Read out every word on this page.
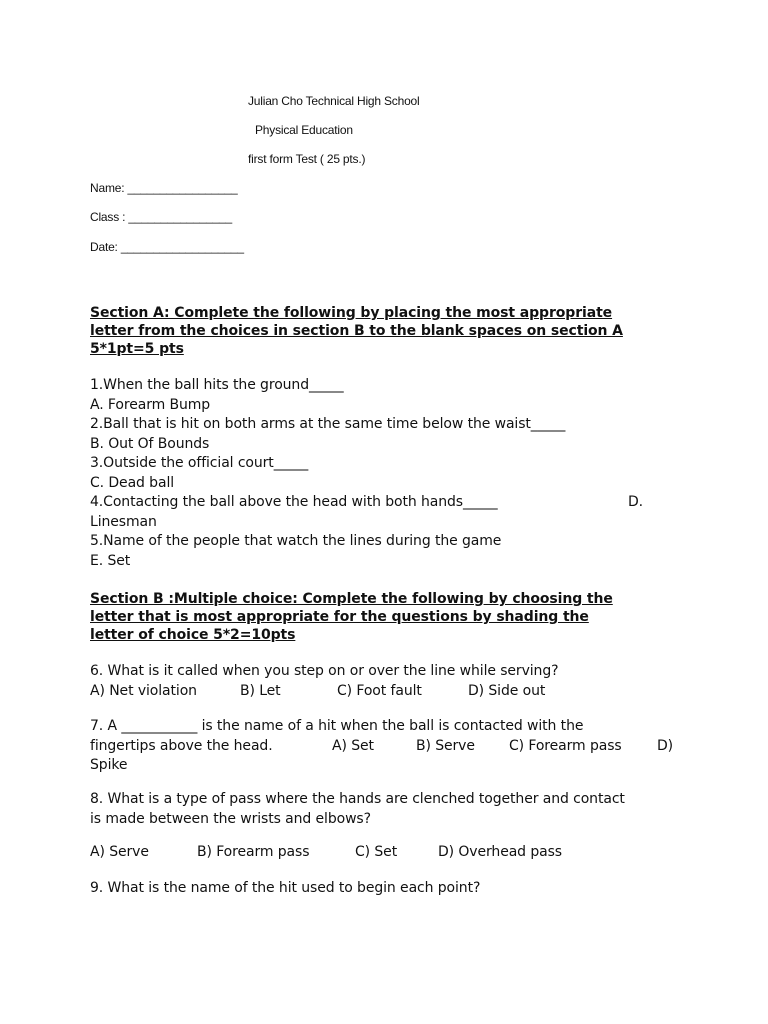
Julian Cho Technical High School
Physical Education
first form Test ( 25 pts.)
Name: _________________
Class : ________________
Date: ___________________
Section A: Complete the following by placing the most appropriate
letter from the choices in section B to the blank spaces on section A
5*1pt=5 pts
1.When the ball hits the ground_____
A. Forearm Bump
2.Ball that is hit on both arms at the same time below the waist_____
B. Out Of Bounds
3.Outside the official court_____
C. Dead ball
4.Contacting the ball above the head with both hands_____	D.
Linesman
5.Name of the people that watch the lines during the game
E. Set
Section B :Multiple choice: Complete the following by choosing the
letter that is most appropriate for the questions by shading the
letter of choice 5*2=10pts
6. What is it called when you step on or over the line while serving?
A) Net violation	B) Let	C) Foot fault	D) Side out
7. A ___________ is the name of a hit when the ball is contacted with the
fingertips above the head.	A) Set	B) Serve C) Forearm pass	D)
Spike
8. What is a type of pass where the hands are clenched together and contact
is made between the wrists and elbows?
A) Serve	B) Forearm pass	C) Set	D) Overhead pass
9. What is the name of the hit used to begin each point?
